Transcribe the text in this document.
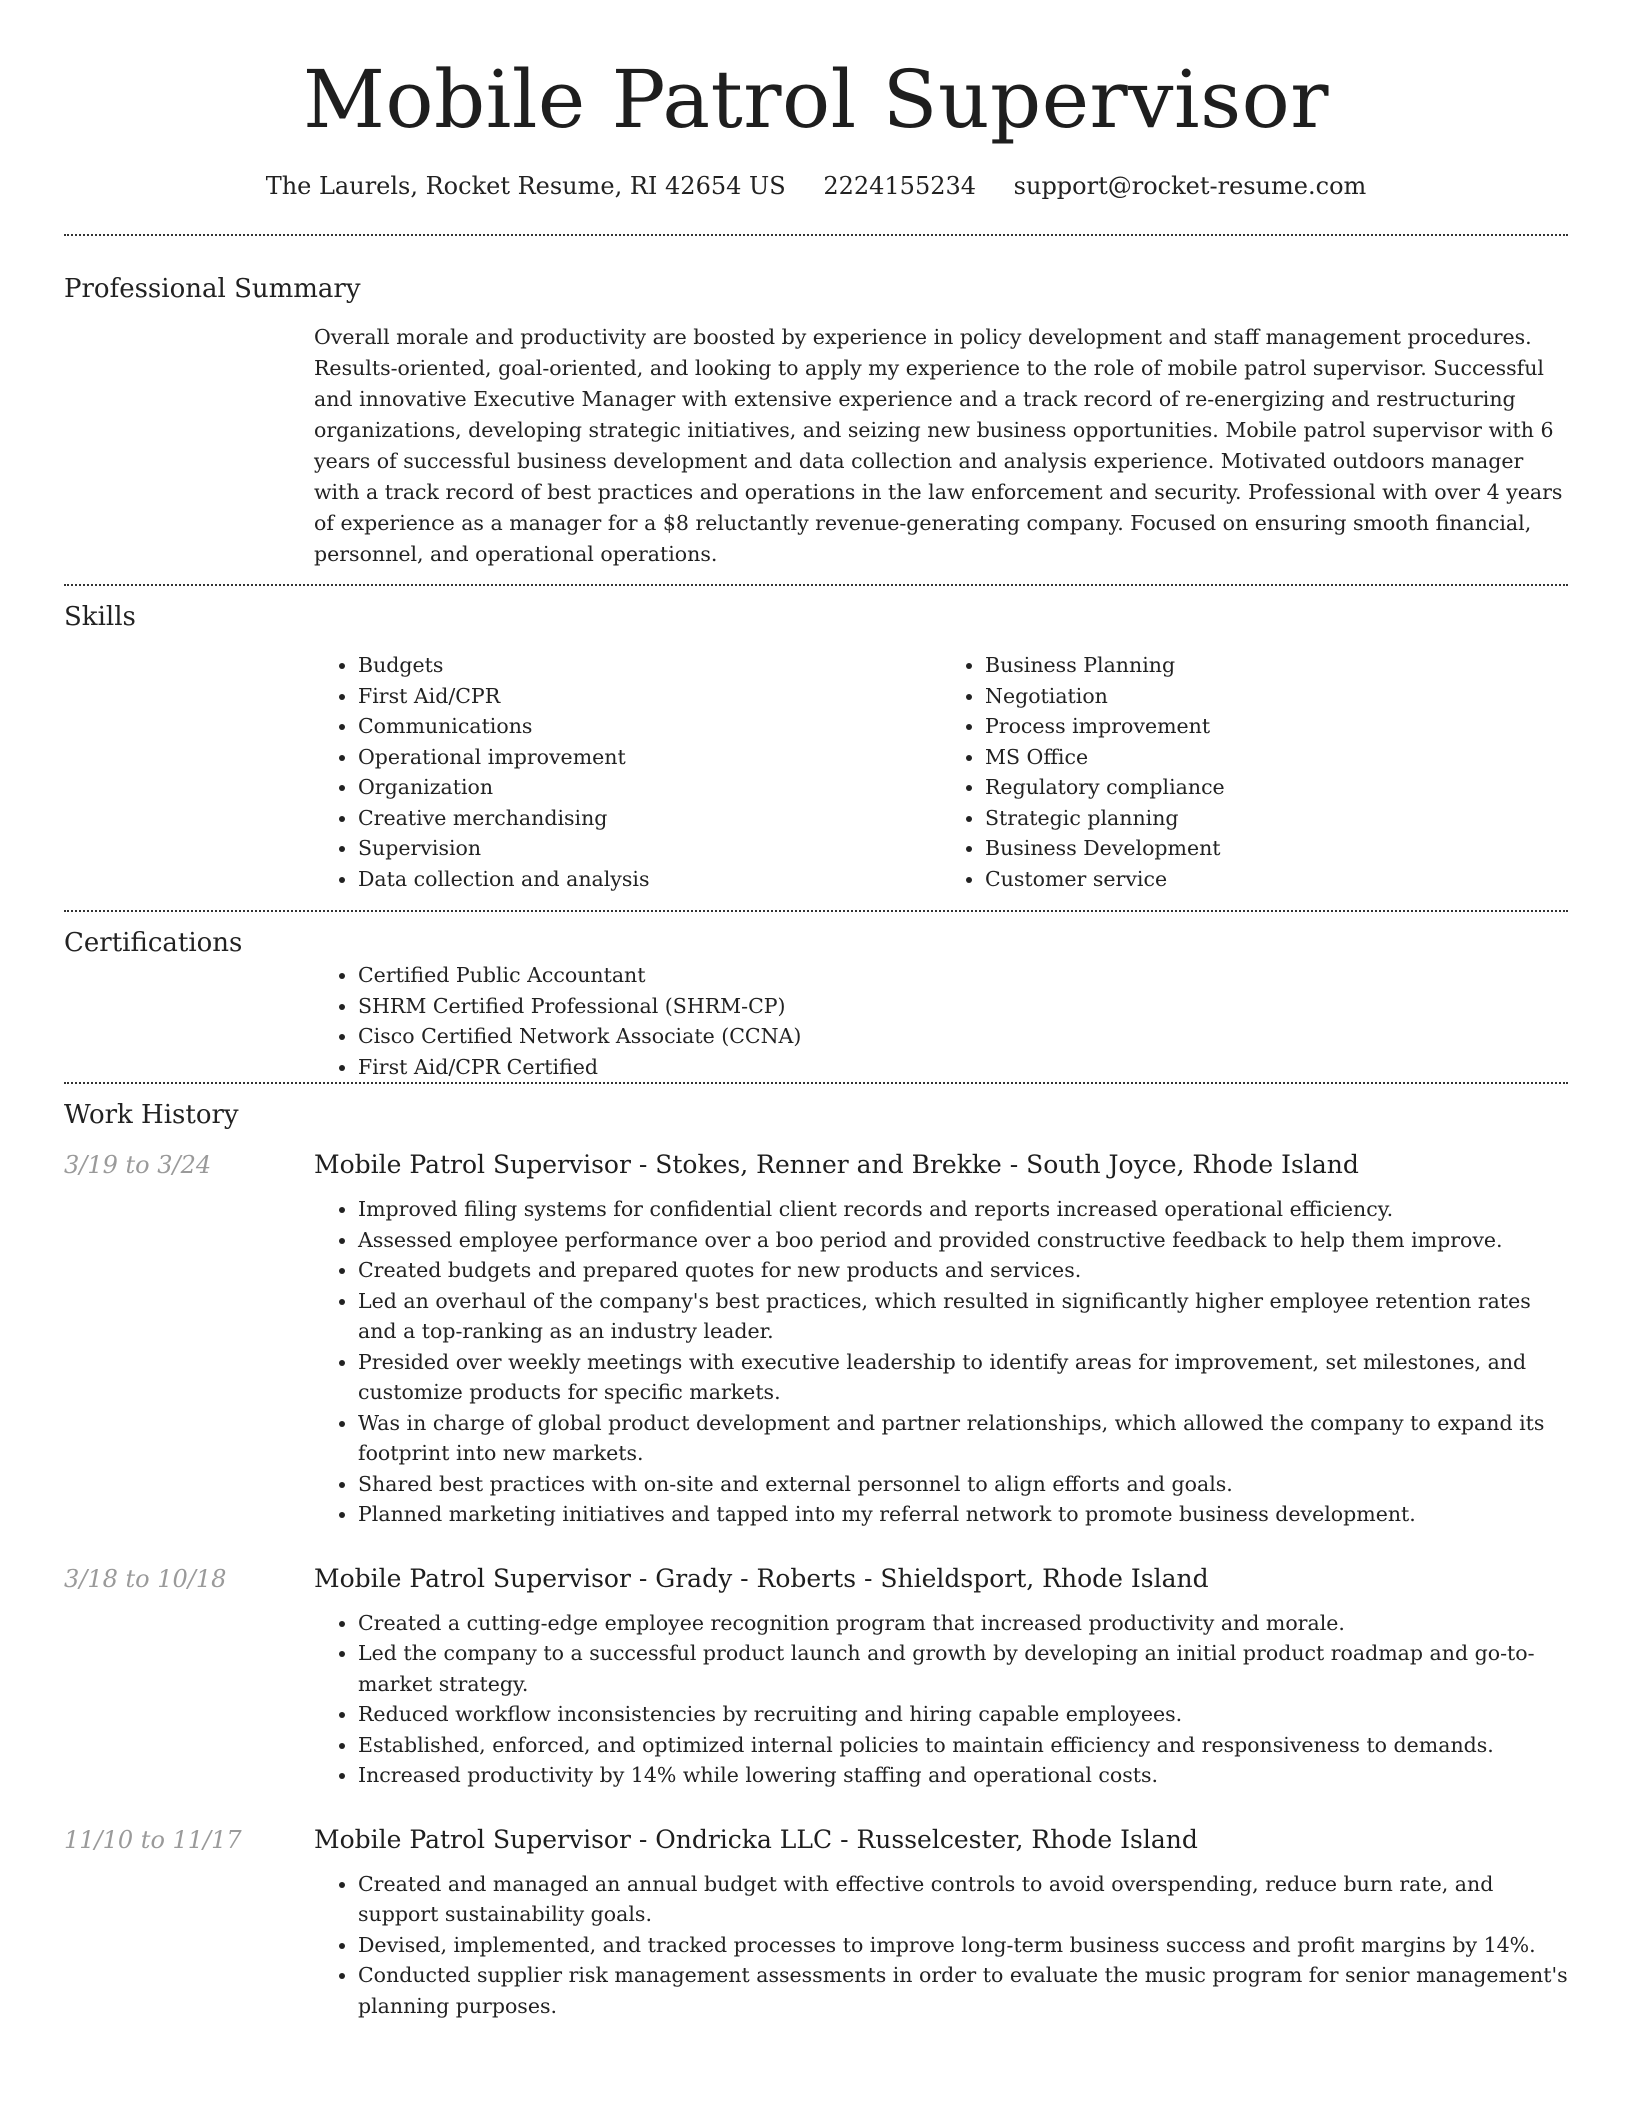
Mobile Patrol Supervisor
The Laurels, Rocket Resume, RI 42654 US 2224155234 support@rocket-resume.com
Professional Summary

Overall morale and productivity are boosted by experience in policy development and staff management procedures. Results-oriented, goal-oriented, and looking to apply my experience to the role of mobile patrol supervisor. Successful and innovative Executive Manager with extensive experience and a track record of re-energizing and restructuring organizations, developing strategic initiatives, and seizing new business opportunities. Mobile patrol supervisor with 6 years of successful business development and data collection and analysis experience. Motivated outdoors manager with a track record of best practices and operations in the law enforcement and security. Professional with over 4 years of experience as a manager for a $8 reluctantly revenue-generating company. Focused on ensuring smooth financial, personnel, and operational operations.

Skills
• Budgets
• First Aid/CPR
• Communications
• Operational improvement
• Organization
• Creative merchandising
• Supervision
• Data collection and analysis
• Business Planning
• Negotiation
• Process improvement
• MS Office
• Regulatory compliance
• Strategic planning
• Business Development
• Customer service
Certifications
• Certified Public Accountant
• SHRM Certified Professional (SHRM-CP)
• Cisco Certified Network Associate (CCNA)
• First Aid/CPR Certified
Work History
3/19 to 3/24	Mobile Patrol Supervisor - Stokes, Renner and Brekke - South Joyce, Rhode Island
• Improved filing systems for confidential client records and reports increased operational efficiency.
• Assessed employee performance over a boo period and provided constructive feedback to help them improve.
• Created budgets and prepared quotes for new products and services.
• Led an overhaul of the company's best practices, which resulted in significantly higher employee retention rates and a top-ranking as an industry leader.
• Presided over weekly meetings with executive leadership to identify areas for improvement, set milestones, and customize products for specific markets.
• Was in charge of global product development and partner relationships, which allowed the company to expand its footprint into new markets.
• Shared best practices with on-site and external personnel to align efforts and goals.
• Planned marketing initiatives and tapped into my referral network to promote business development.
3/18 to 10/18	Mobile Patrol Supervisor - Grady - Roberts - Shieldsport, Rhode Island
• Created a cutting-edge employee recognition program that increased productivity and morale.
• Led the company to a successful product launch and growth by developing an initial product roadmap and go-to-market strategy.
• Reduced workflow inconsistencies by recruiting and hiring capable employees.
• Established, enforced, and optimized internal policies to maintain efficiency and responsiveness to demands.
• Increased productivity by 14% while lowering staffing and operational costs.
11/10 to 11/17	Mobile Patrol Supervisor - Ondricka LLC - Russelcester, Rhode Island
• Created and managed an annual budget with effective controls to avoid overspending, reduce burn rate, and support sustainability goals.
• Devised, implemented, and tracked processes to improve long-term business success and profit margins by 14%.
• Conducted supplier risk management assessments in order to evaluate the music program for senior management's planning purposes.
